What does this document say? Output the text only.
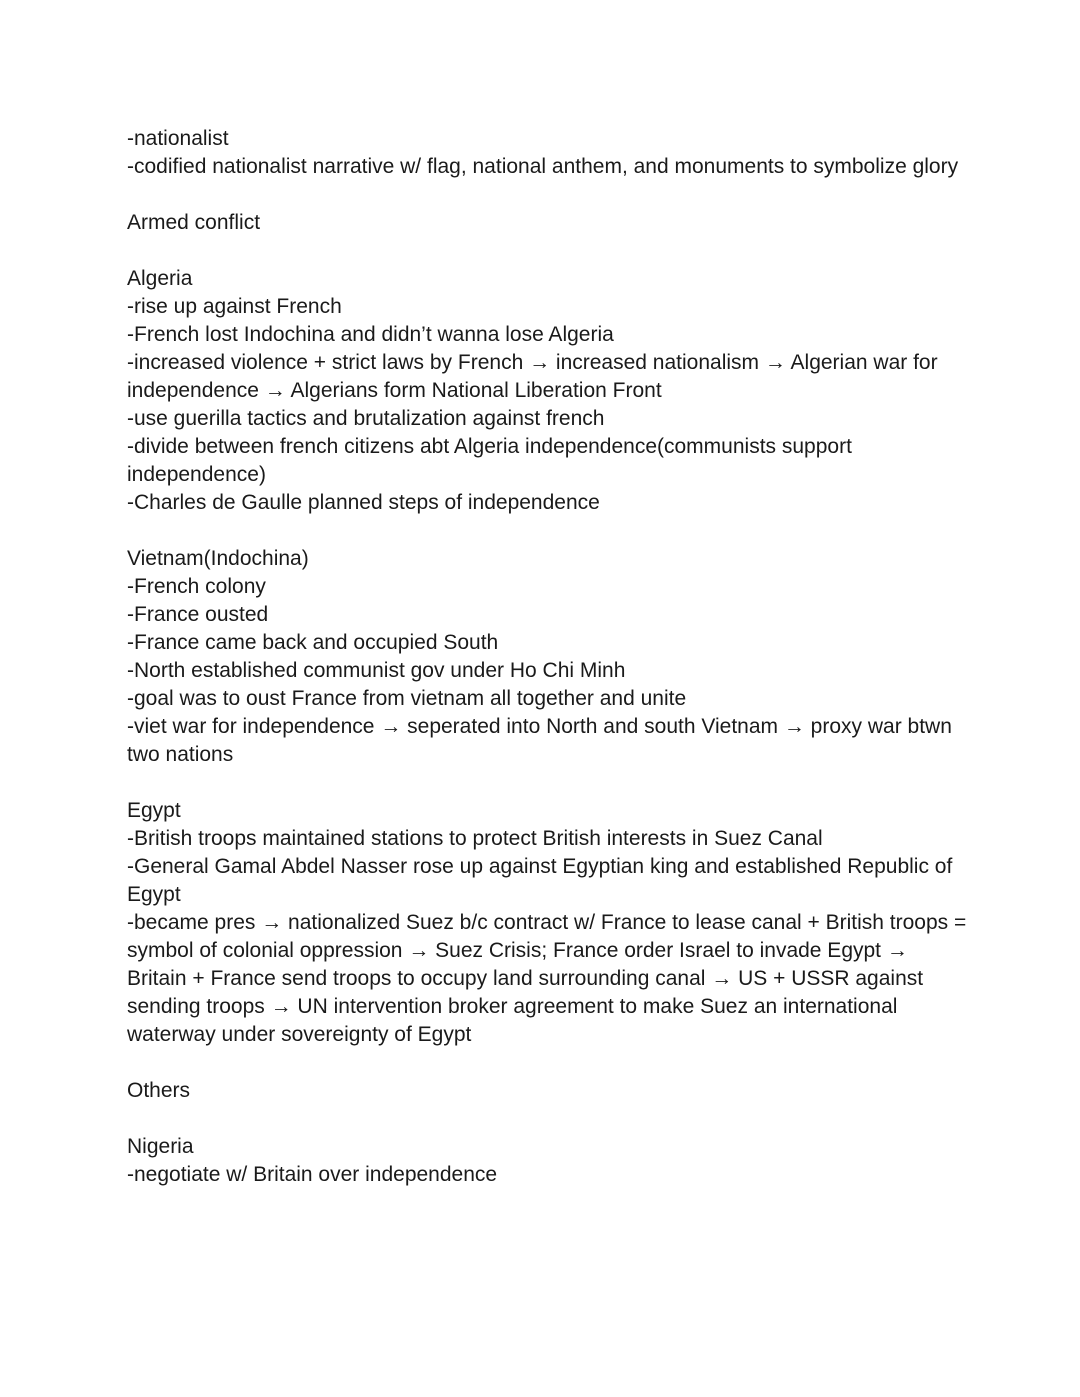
-nationalist
-codified nationalist narrative w/ flag, national anthem, and monuments to symbolize glory
Armed conflict
Algeria
-rise up against French
-French lost Indochina and didn’t wanna lose Algeria
-increased violence + strict laws by French → increased nationalism → Algerian war for independence → Algerians form National Liberation Front
-use guerilla tactics and brutalization against french
-divide between french citizens abt Algeria independence(communists support independence)
-Charles de Gaulle planned steps of independence
Vietnam(Indochina)
-French colony
-France ousted
-France came back and occupied South
-North established communist gov under Ho Chi Minh
-goal was to oust France from vietnam all together and unite
-viet war for independence → seperated into North and south Vietnam → proxy war btwn two nations
Egypt
-British troops maintained stations to protect British interests in Suez Canal
-General Gamal Abdel Nasser rose up against Egyptian king and established Republic of Egypt
-became pres → nationalized Suez b/c contract w/ France to lease canal + British troops = symbol of colonial oppression → Suez Crisis; France order Israel to invade Egypt → Britain + France send troops to occupy land surrounding canal → US + USSR against sending troops → UN intervention broker agreement to make Suez an international waterway under sovereignty of Egypt
Others
Nigeria
-negotiate w/ Britain over independence
